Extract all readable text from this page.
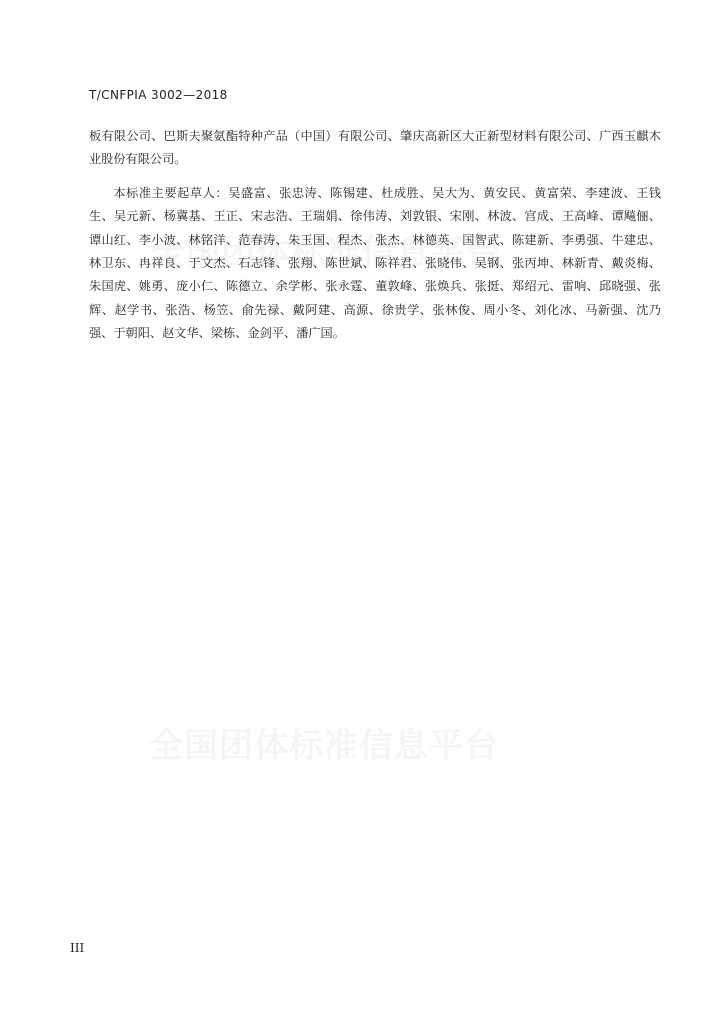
T/CNFPIA 3002—2018

板有限公司、巴斯夫聚氨酯特种产品（中国）有限公司、肇庆高新区大正新型材料有限公司、广西玉麒木业股份有限公司。

本标准主要起草人：吴盛富、张忠涛、陈锡建、杜成胜、吴大为、黄安民、黄富荣、李建波、王钱生、吴元新、杨冀基、王正、宋志浩、王瑞娟、徐伟涛、刘敦银、宋刚、林波、宫成、王高峰、谭飚俪、谭山红、李小波、林铭洋、范春涛、朱玉国、程杰、张杰、林德英、国智武、陈建新、李勇强、牛建忠、林卫东、冉祥良、于文杰、石志锋、张翔、陈世斌、陈祥君、张晓伟、吴钢、张丙坤、林新青、戴炎梅、朱国虎、姚勇、庞小仁、陈德立、余学彬、张永霆、董敦峰、张焕兵、张挺、郑绍元、雷响、邱晓强、张辉、赵学书、张浩、杨笠、俞先禄、戴阿建、高源、徐贵学、张林俊、周小冬、刘化冰、马新强、沈乃强、于朝阳、赵文华、梁栋、金剑平、潘广国。

III
